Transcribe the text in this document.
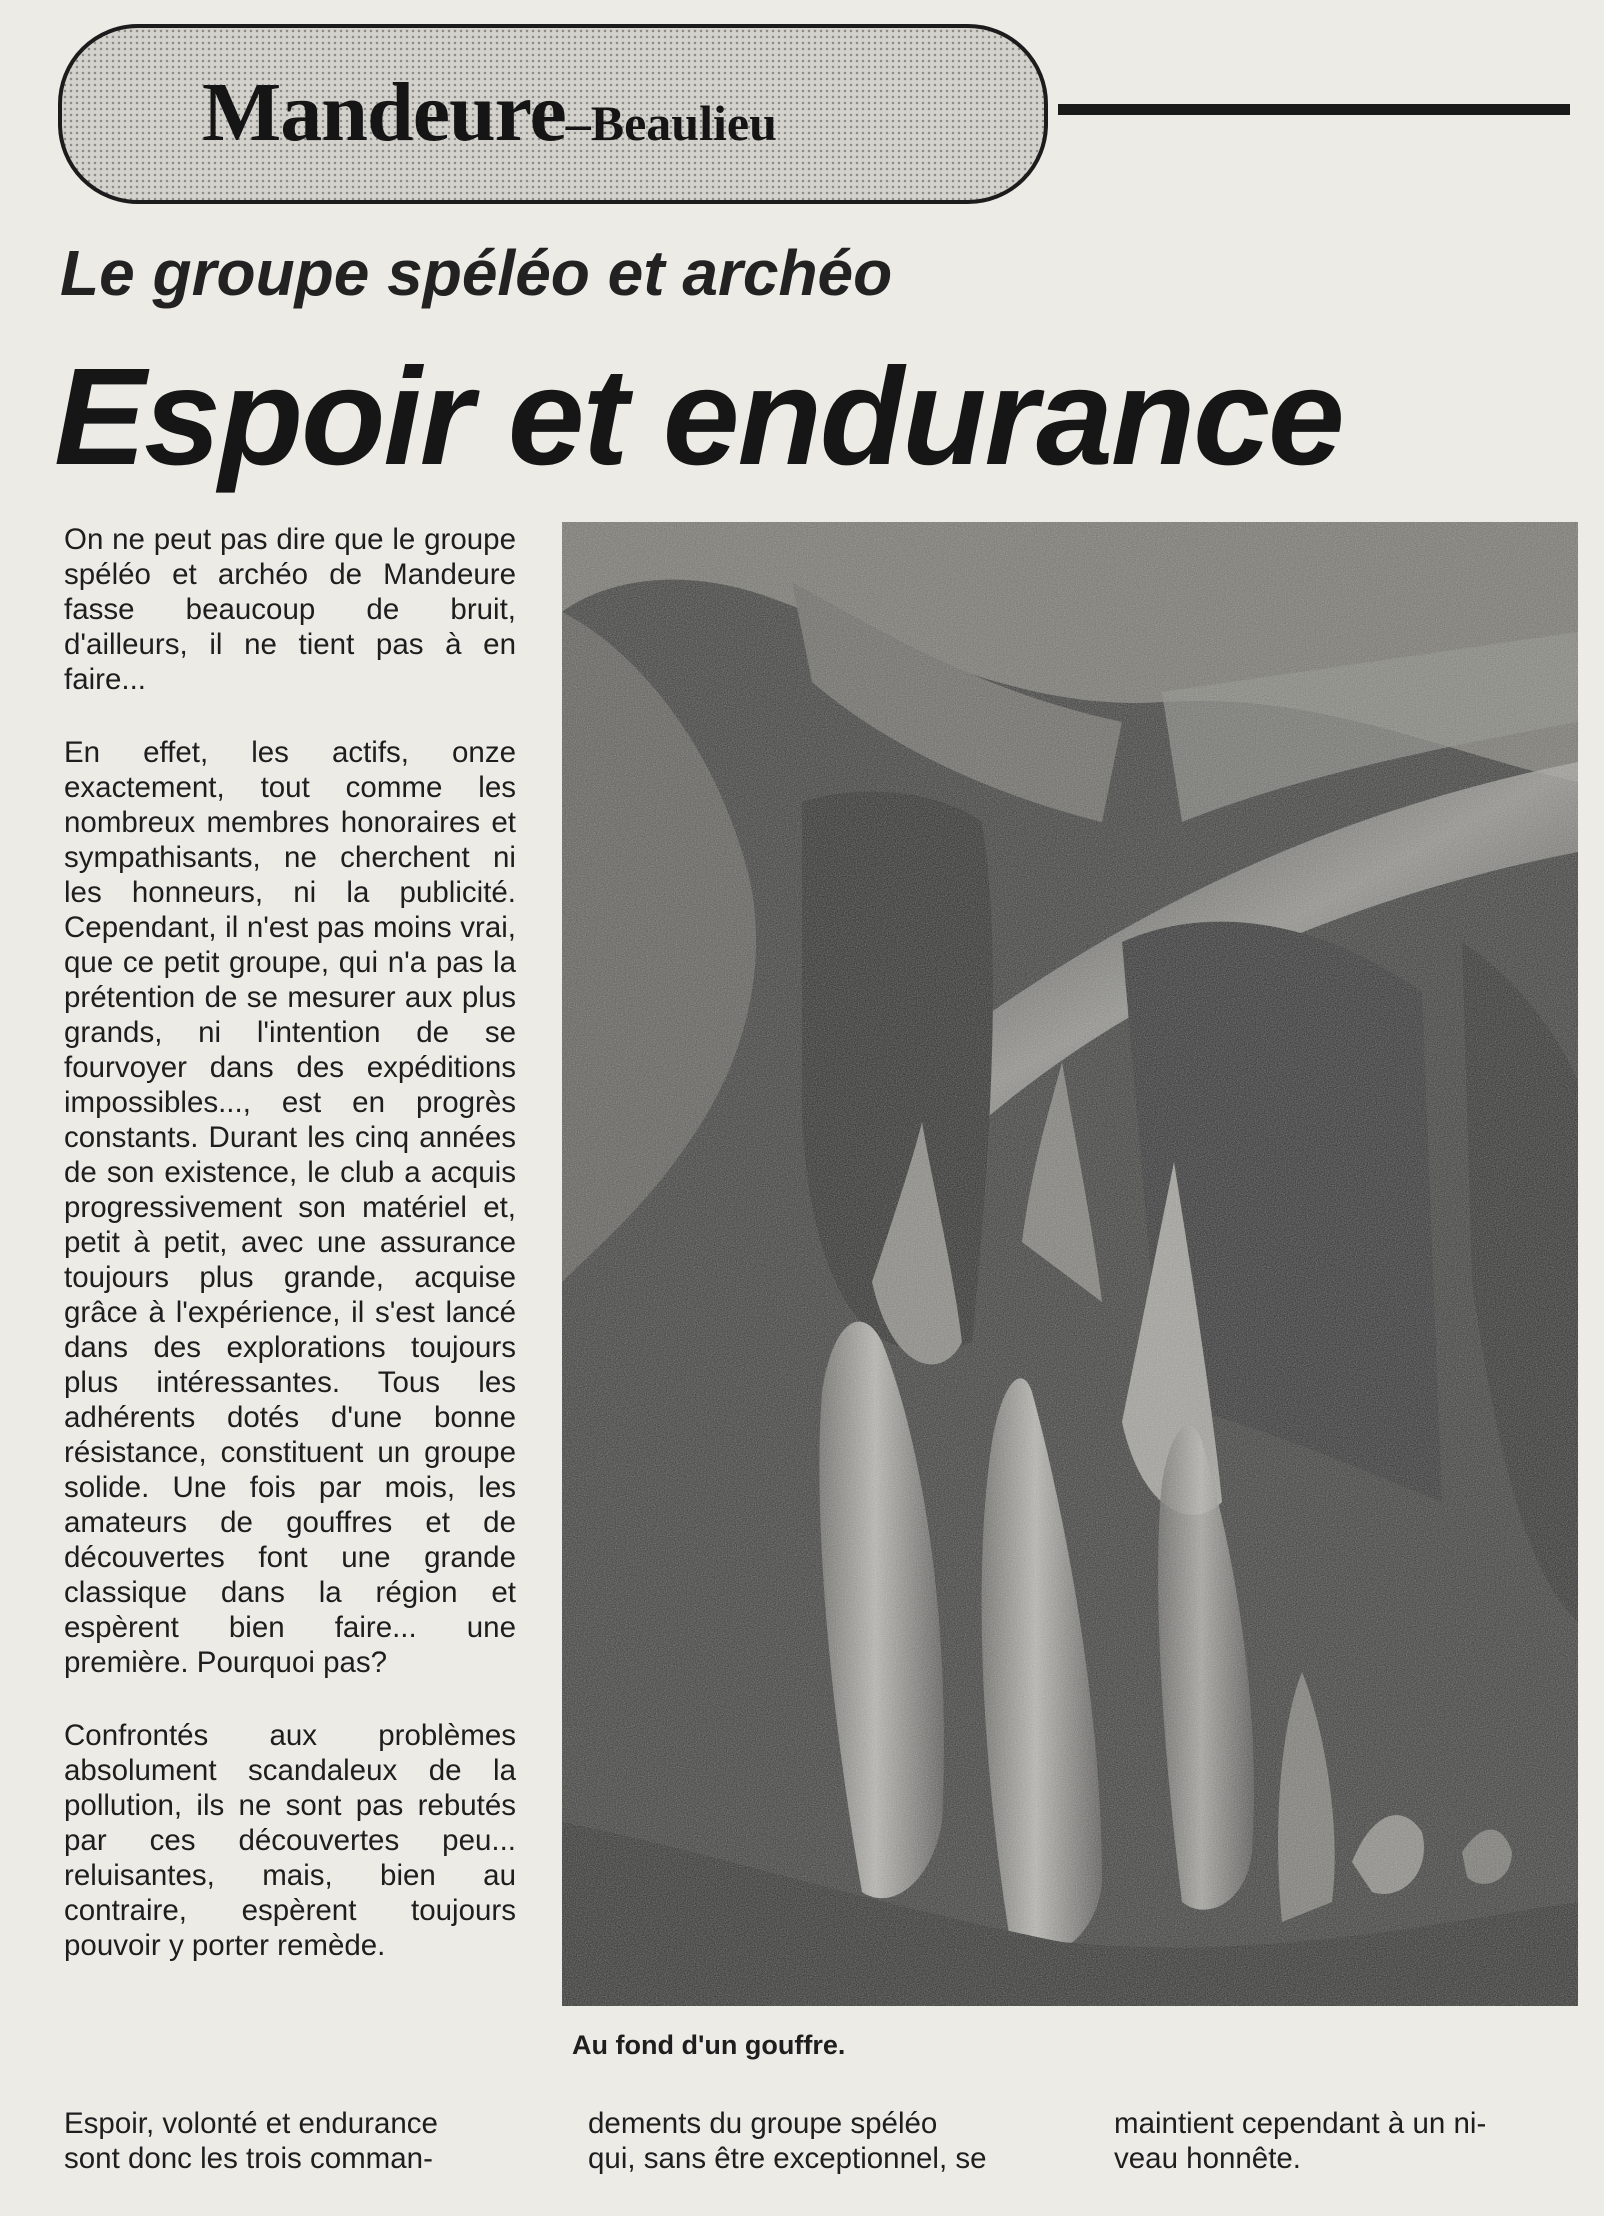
Mandeure–Beaulieu
Le groupe spéléo et archéo
Espoir et endurance

On ne peut pas dire que le groupe spéléo et archéo de Mandeure fasse beaucoup de bruit, d'ailleurs, il ne tient pas à en faire...

En effet, les actifs, onze exactement, tout comme les nombreux membres honoraires et sympathisants, ne cherchent ni les honneurs, ni la publicité. Cependant, il n'est pas moins vrai, que ce petit groupe, qui n'a pas la prétention de se mesurer aux plus grands, ni l'intention de se fourvoyer dans des expéditions impossibles..., est en progrès constants. Durant les cinq années de son existence, le club a acquis progressivement son matériel et, petit à petit, avec une assurance toujours plus grande, acquise grâce à l'expérience, il s'est lancé dans des explorations toujours plus intéressantes. Tous les adhérents dotés d'une bonne résistance, constituent un groupe solide. Une fois par mois, les amateurs de gouffres et de découvertes font une grande classique dans la région et espèrent bien faire... une première. Pourquoi pas?

Confrontés aux problèmes absolument scandaleux de la pollution, ils ne sont pas rebutés par ces découvertes peu... reluisantes, mais, bien au contraire, espèrent toujours pouvoir y porter remède.

Au fond d'un gouffre.
Espoir, volonté et endurance
sont donc les trois comman-
dements du groupe spéléo
qui, sans être exceptionnel, se
maintient cependant à un ni-
veau honnête.
